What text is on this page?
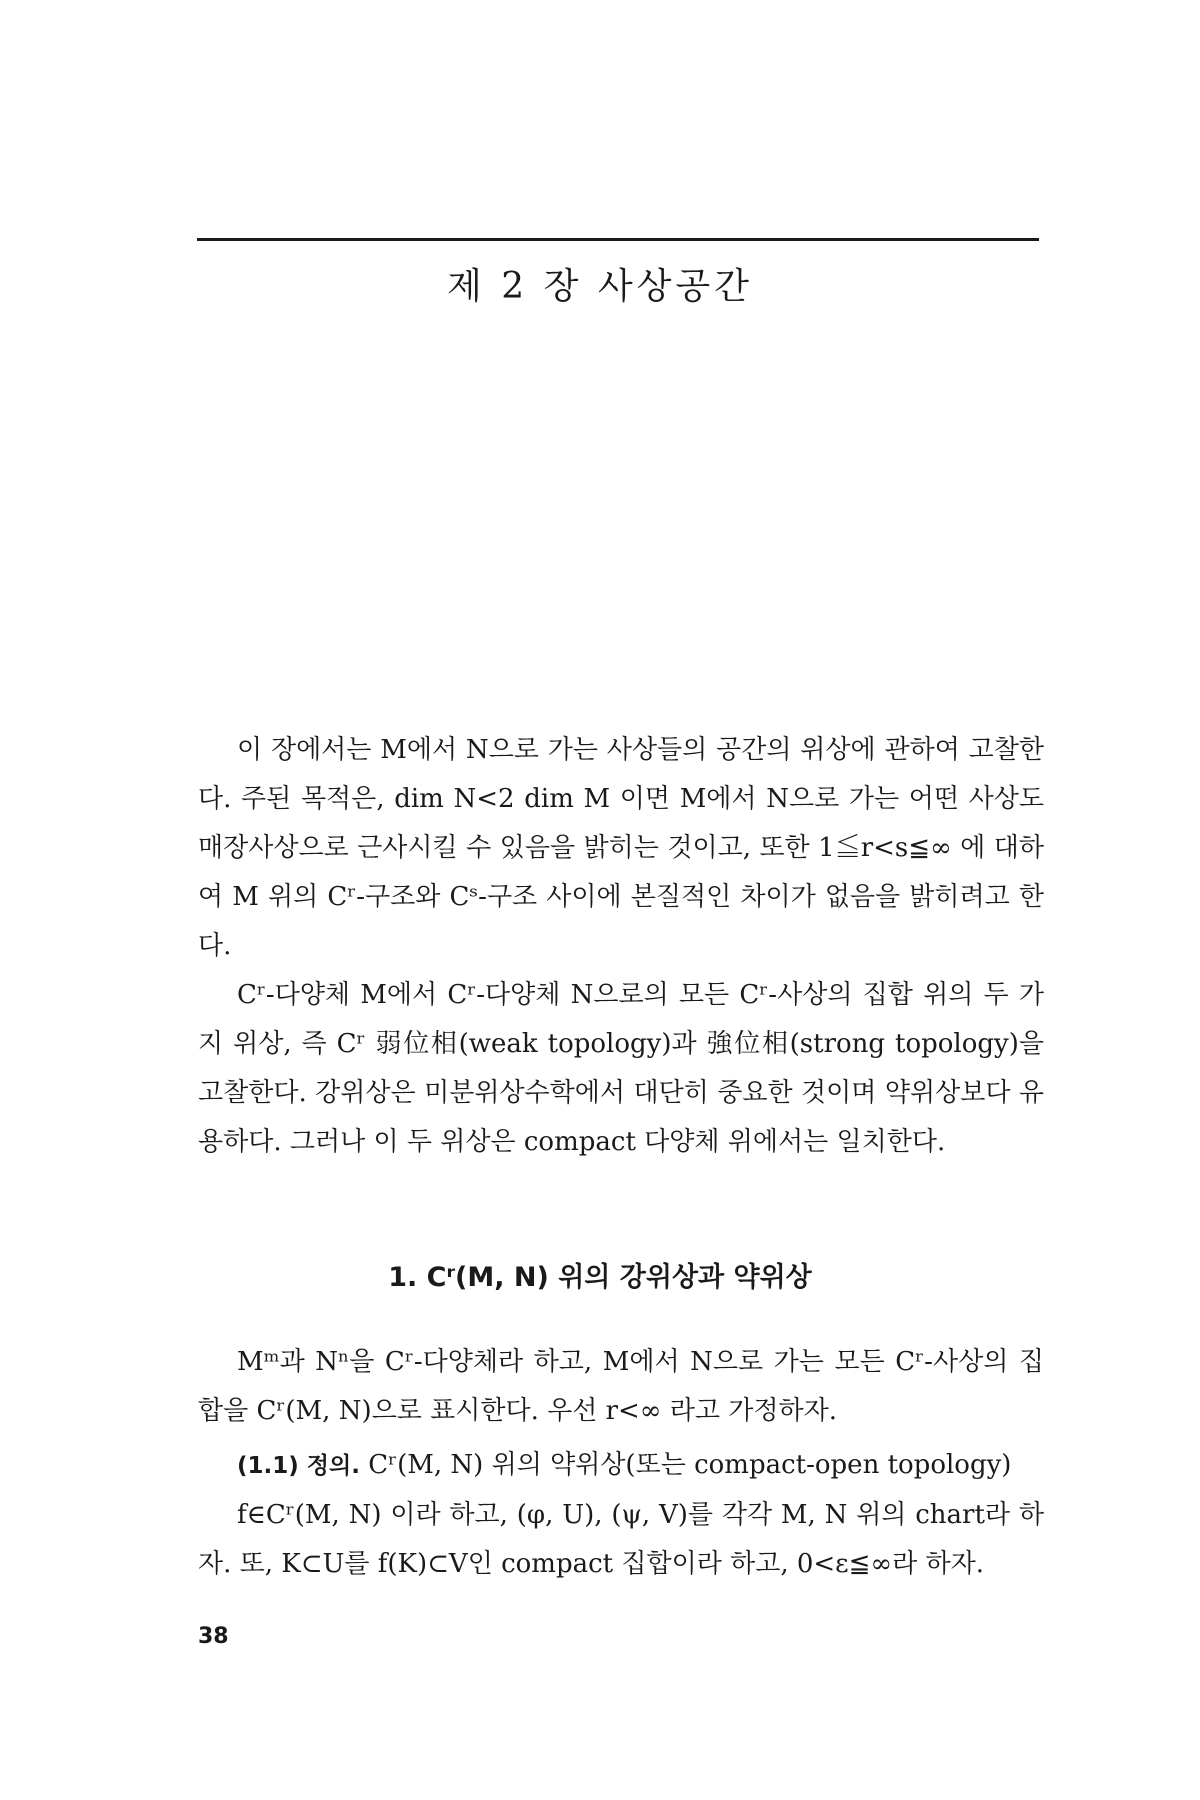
제 2 장 사상공간

이 장에서는 M에서 N으로 가는 사상들의 공간의 위상에 관하여 고찰한다. 주된 목적은, dim N<2 dim M 이면 M에서 N으로 가는 어떤 사상도 매장사상으로 근사시킬 수 있음을 밝히는 것이고, 또한 1≦r<s≦∞ 에 대하여 M 위의 Cʳ-구조와 Cˢ-구조 사이에 본질적인 차이가 없음을 밝히려고 한다.

Cʳ-다양체 M에서 Cʳ-다양체 N으로의 모든 Cʳ-사상의 집합 위의 두 가지 위상, 즉 Cʳ 弱位相(weak topology)과 強位相(strong topology)을 고찰한다. 강위상은 미분위상수학에서 대단히 중요한 것이며 약위상보다 유용하다. 그러나 이 두 위상은 compact 다양체 위에서는 일치한다.

1. Cʳ(M, N) 위의 강위상과 약위상

Mᵐ과 Nⁿ을 Cʳ-다양체라 하고, M에서 N으로 가는 모든 Cʳ-사상의 집합을 Cʳ(M, N)으로 표시한다. 우선 r<∞ 라고 가정하자.

(1.1) 정의. Cʳ(M, N) 위의 약위상(또는 compact-open topology)
f∈Cʳ(M, N) 이라 하고, (φ, U), (ψ, V)를 각각 M, N 위의 chart라 하자. 또, K⊂U를 f(K)⊂V인 compact 집합이라 하고, 0<ε≦∞라 하자.
38
